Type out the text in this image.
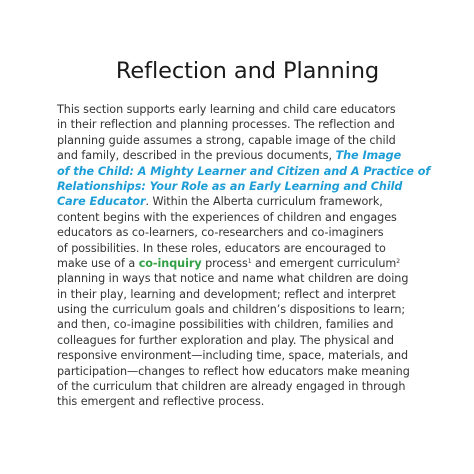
Reflection and Planning
This section supports early learning and child care educators
in their reflection and planning processes. The reflection and
planning guide assumes a strong, capable image of the child
and family, described in the previous documents, The Image
of the Child: A Mighty Learner and Citizen and A Practice of
Relationships: Your Role as an Early Learning and Child
Care Educator. Within the Alberta curriculum framework,
content begins with the experiences of children and engages
educators as co-learners, co-researchers and co-imaginers
of possibilities. In these roles, educators are encouraged to
make use of a co-inquiry process$^1$ and emergent curriculum$^2$
planning in ways that notice and name what children are doing
in their play, learning and development; reflect and interpret
using the curriculum goals and children’s dispositions to learn;
and then, co-imagine possibilities with children, families and
colleagues for further exploration and play. The physical and
responsive environment—including time, space, materials, and
participation—changes to reflect how educators make meaning
of the curriculum that children are already engaged in through
this emergent and reflective process.
